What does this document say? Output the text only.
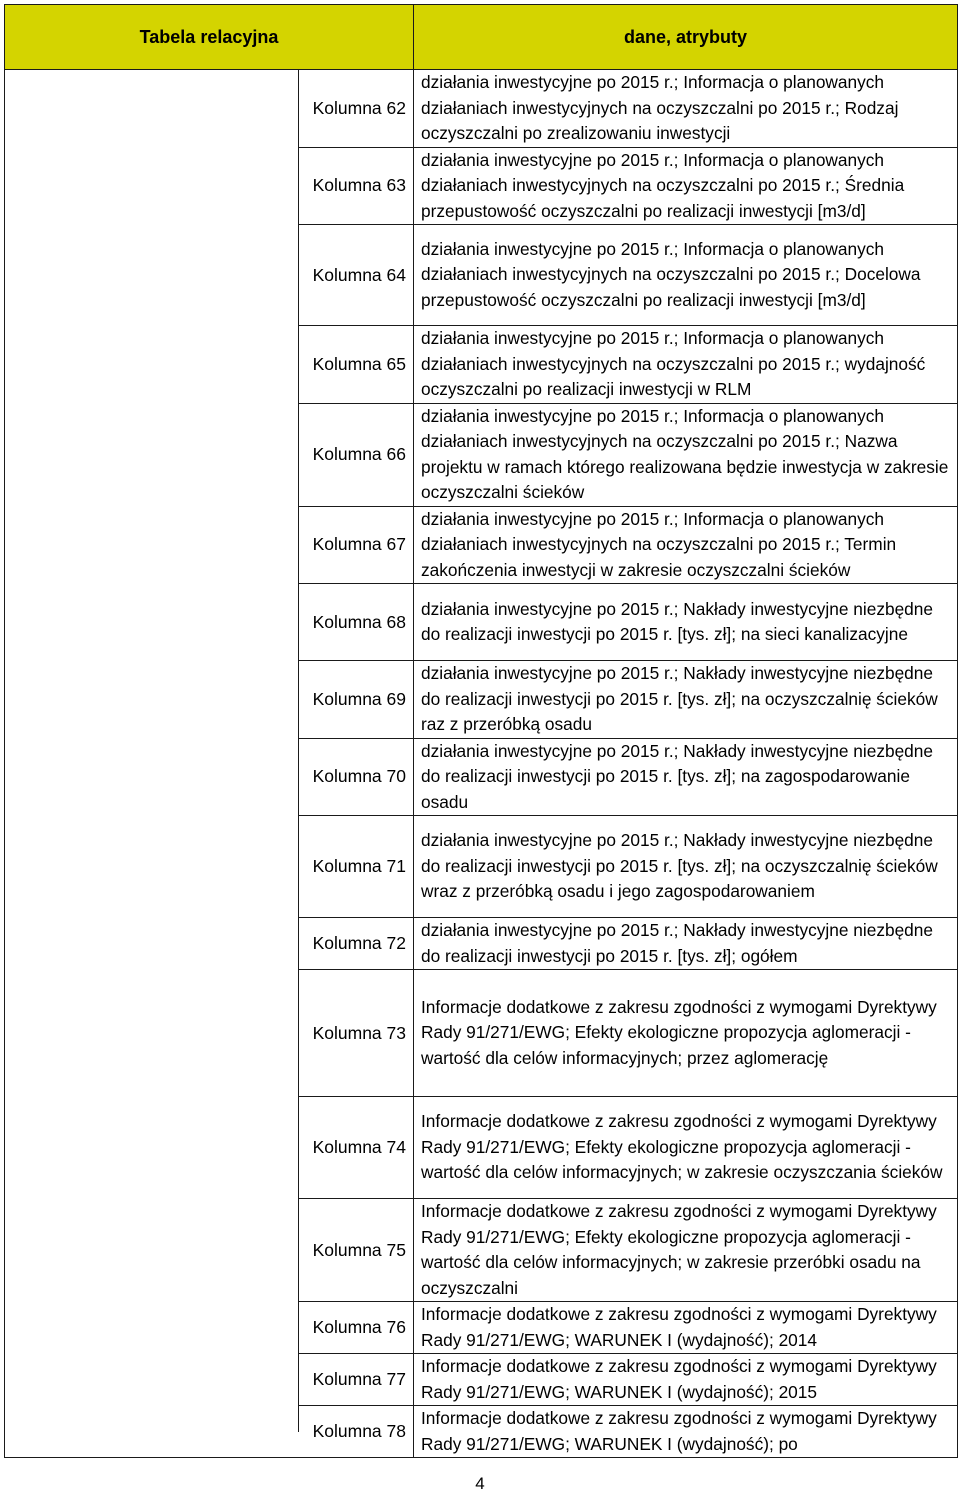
Tabela relacyjna	dane, atrybuty
Kolumna 62	działania inwestycyjne po 2015 r.; Informacja o planowanych działaniach inwestycyjnych na oczyszczalni po 2015 r.; Rodzaj oczyszczalni po zrealizowaniu inwestycji
Kolumna 63	działania inwestycyjne po 2015 r.; Informacja o planowanych działaniach inwestycyjnych na oczyszczalni po 2015 r.; Średnia przepustowość oczyszczalni po realizacji inwestycji [m3/d]
Kolumna 64	działania inwestycyjne po 2015 r.; Informacja o planowanych działaniach inwestycyjnych na oczyszczalni po 2015 r.; Docelowa przepustowość oczyszczalni po realizacji inwestycji [m3/d]
Kolumna 65	działania inwestycyjne po 2015 r.; Informacja o planowanych działaniach inwestycyjnych na oczyszczalni po 2015 r.; wydajność oczyszczalni po realizacji inwestycji w RLM
Kolumna 66	działania inwestycyjne po 2015 r.; Informacja o planowanych działaniach inwestycyjnych na oczyszczalni po 2015 r.; Nazwa projektu w ramach którego realizowana będzie inwestycja w zakresie oczyszczalni ścieków
Kolumna 67	działania inwestycyjne po 2015 r.; Informacja o planowanych działaniach inwestycyjnych na oczyszczalni po 2015 r.; Termin zakończenia inwestycji w zakresie oczyszczalni ścieków
Kolumna 68	działania inwestycyjne po 2015 r.; Nakłady inwestycyjne niezbędne do realizacji inwestycji po 2015 r. [tys. zł]; na sieci kanalizacyjne
Kolumna 69	działania inwestycyjne po 2015 r.; Nakłady inwestycyjne niezbędne do realizacji inwestycji po 2015 r. [tys. zł]; na oczyszczalnię ścieków raz z przeróbką osadu
Kolumna 70	działania inwestycyjne po 2015 r.; Nakłady inwestycyjne niezbędne do realizacji inwestycji po 2015 r. [tys. zł]; na zagospodarowanie osadu
Kolumna 71	działania inwestycyjne po 2015 r.; Nakłady inwestycyjne niezbędne do realizacji inwestycji po 2015 r. [tys. zł]; na oczyszczalnię ścieków wraz z przeróbką osadu i jego zagospodarowaniem
Kolumna 72	działania inwestycyjne po 2015 r.; Nakłady inwestycyjne niezbędne do realizacji inwestycji po 2015 r. [tys. zł]; ogółem
Kolumna 73	Informacje dodatkowe z zakresu zgodności z wymogami Dyrektywy Rady 91/271/EWG; Efekty ekologiczne propozycja aglomeracji - wartość dla celów informacyjnych; przez aglomerację
Kolumna 74	Informacje dodatkowe z zakresu zgodności z wymogami Dyrektywy Rady 91/271/EWG; Efekty ekologiczne propozycja aglomeracji - wartość dla celów informacyjnych; w zakresie oczyszczania ścieków
Kolumna 75	Informacje dodatkowe z zakresu zgodności z wymogami Dyrektywy Rady 91/271/EWG; Efekty ekologiczne propozycja aglomeracji - wartość dla celów informacyjnych; w zakresie przeróbki osadu na oczyszczalni
Kolumna 76	Informacje dodatkowe z zakresu zgodności z wymogami Dyrektywy Rady 91/271/EWG; WARUNEK I (wydajność); 2014
Kolumna 77	Informacje dodatkowe z zakresu zgodności z wymogami Dyrektywy Rady 91/271/EWG; WARUNEK I (wydajność); 2015
Kolumna 78	Informacje dodatkowe z zakresu zgodności z wymogami Dyrektywy Rady 91/271/EWG; WARUNEK I (wydajność); po
4
